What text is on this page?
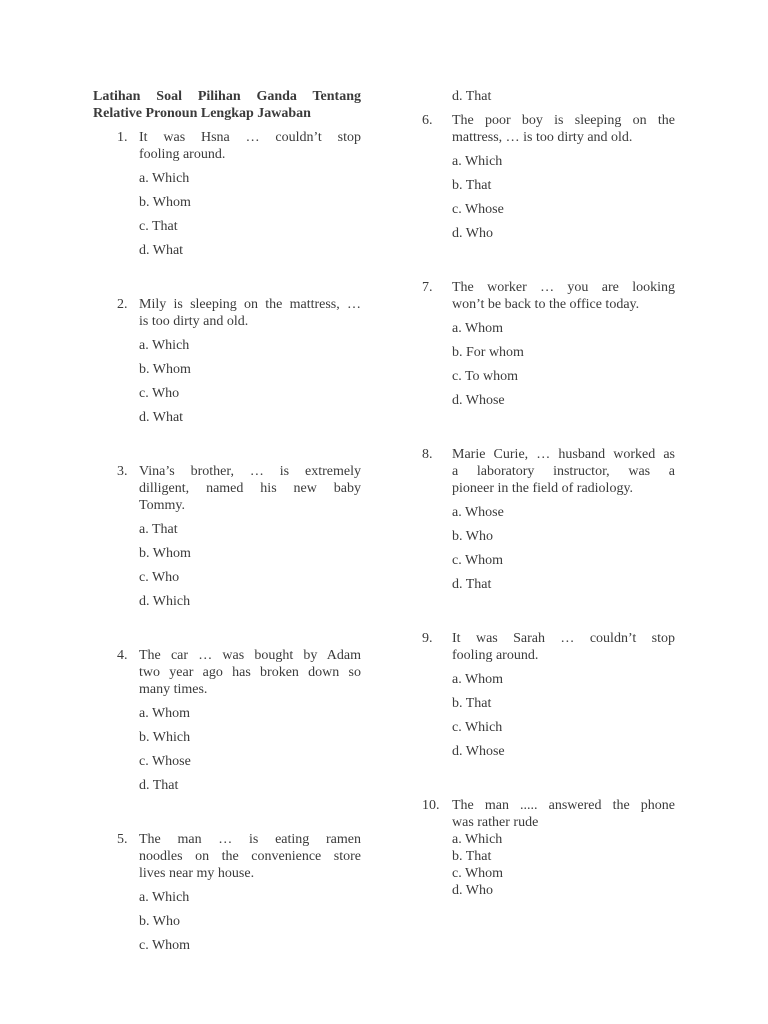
Latihan Soal Pilihan Ganda Tentang
Relative Pronoun Lengkap Jawaban
1. It was Hsna … couldn’t stop
fooling around.
a. Which
b. Whom
c. That
d. What
2. Mily is sleeping on the mattress, …
is too dirty and old.
a. Which
b. Whom
c. Who
d. What
3. Vina’s brother, … is extremely
dilligent, named his new baby
Tommy.
a. That
b. Whom
c. Who
d. Which
4. The car … was bought by Adam
two year ago has broken down so
many times.
a. Whom
b. Which
c. Whose
d. That
5. The man … is eating ramen
noodles on the convenience store
lives near my house.
a. Which
b. Who
c. Whom
d. That
6.	The poor boy is sleeping on the
mattress, … is too dirty and old.
a. Which
b. That
c. Whose
d. Who
7.	The worker … you are looking
won’t be back to the office today.
a. Whom
b. For whom
c. To whom
d. Whose
8.	Marie Curie, … husband worked as
a laboratory instructor, was a
pioneer in the field of radiology.
a. Whose
b. Who
c. Whom
d. That
9.	It was Sarah … couldn’t stop
fooling around.
a. Whom
b. That
c. Which
d. Whose
10. The man ..... answered the phone
was rather rude
a. Which
b. That
c. Whom
d. Who
